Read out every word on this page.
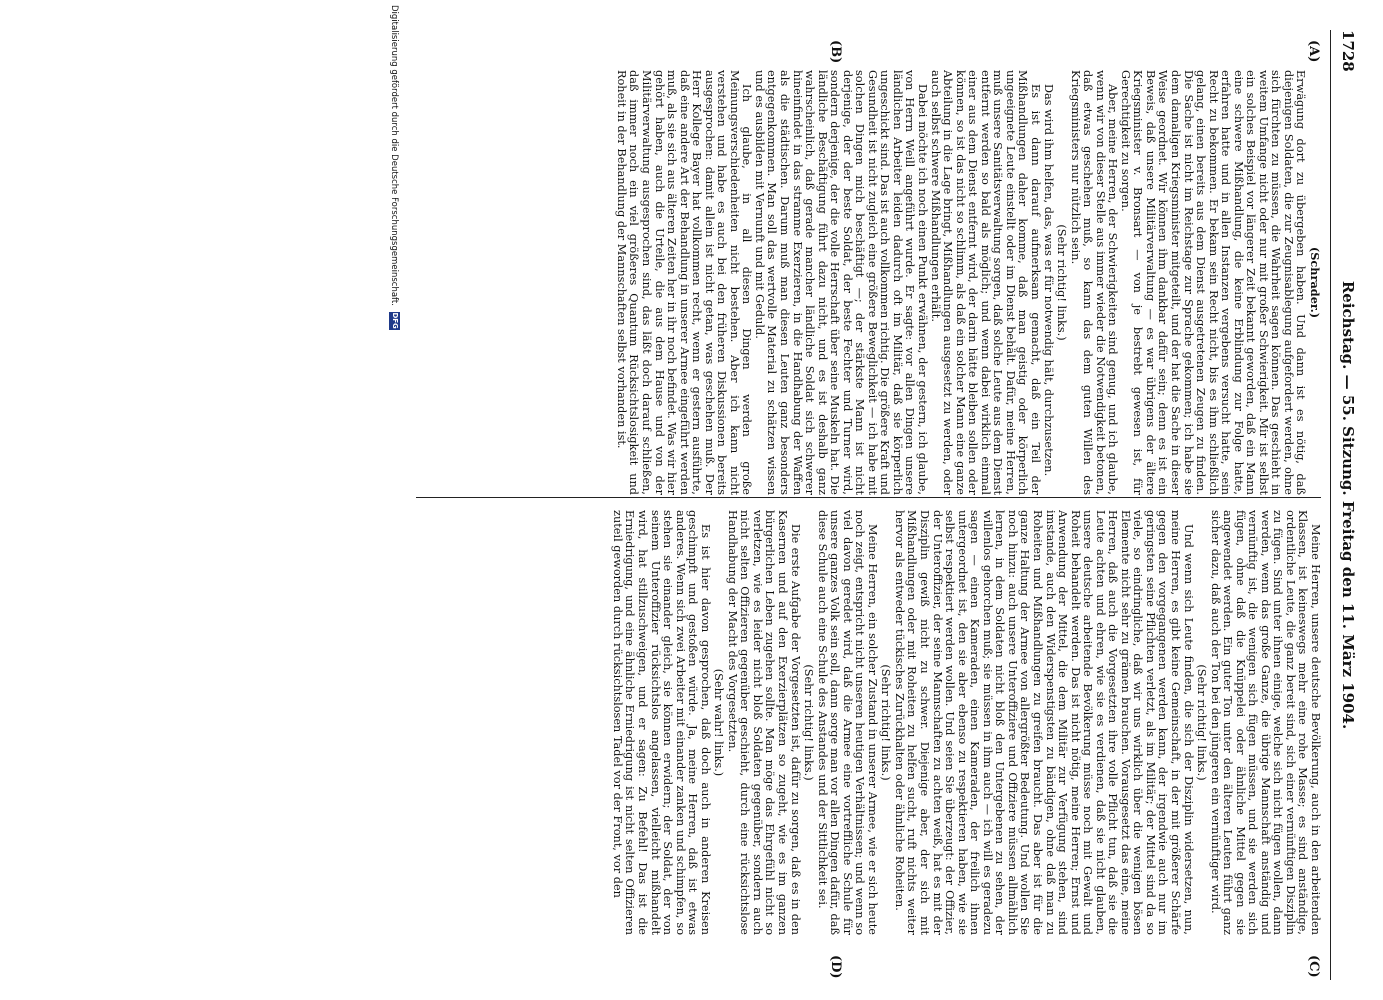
1728
Reichstag. — 55. Sitzung. Freitag den 11. März 1904.
(A)
(B)
(C)
(D)
(Schrader.)

Erwägung dort zu übergeben haben. Und dann ist es nötig, daß diejenigen Soldaten, die zur Zeugnisablegung aufgefordert werden, ohne sich fürchten zu müssen, die Wahrheit sagen können. Das geschieht in weitem Umfange nicht oder nur mit großer Schwierigkeit. Mir ist selbst ein solches Beispiel vor längerer Zeit bekannt geworden, daß ein Mann eine schwere Mißhandlung, die keine Erblindung zur Folge hatte, erfahren hatte und in allen Instanzen vergebens versucht hatte, sein Recht zu bekommen. Er bekam sein Recht nicht, bis es ihm schließlich gelang, einen bereits aus dem Dienst ausgetretenen Zeugen zu finden. Die Sache ist nicht im Reichstage zur Sprache gekommen; ich habe sie dem damaligen Kriegsminister mitgeteilt, und der hat die Sache in dieser Weise geordnet. Wir können ihm dankbar dafür sein; denn es ist ein Beweis, daß unsere Militärverwaltung — es war übrigens der ältere Kriegsminister v. Bronsart — von je bestrebt gewesen ist, für Gerechtigkeit zu sorgen.

Aber, meine Herren, der Schwierigkeiten sind genug, und ich glaube, wenn wir von dieser Stelle aus immer wieder die Notwendigkeit betonen, daß etwas geschehen muß, so kann das dem guten Willen des Kriegsministers nur nützlich sein.

(Sehr richtig! links.)

Das wird ihm helfen, das, was er für notwendig hält, durchzusetzen.

Es ist dann darauf aufmerksam gemacht, daß ein Teil der Mißhandlungen daher komme, daß man geistig oder körperlich ungeeignete Leute einstellt oder im Dienst behält. Dafür, meine Herren, muß unsere Sanitätsverwaltung sorgen, daß solche Leute aus dem Dienst entfernt werden so bald als möglich; und wenn dabei wirklich einmal einer aus dem Dienst entfernt wird, der darin hätte bleiben sollen oder können, so ist das nicht so schlimm, als daß ein solcher Mann eine ganze Abteilung in die Lage bringt, Mißhandlungen ausgesetzt zu werden, oder auch selbst schwere Mißhandlungen erhält.

Dabei möchte ich noch einen Punkt erwähnen, der gestern, ich glaube, von Herrn Weill angeführt wurde. Er sagte: vor allen Dingen unsere ländlichen Arbeiter leiden dadurch oft im Militär, daß sie körperlich ungeschickt sind. Das ist auch vollkommen richtig. Die größere Kraft und Gesundheit ist nicht zugleich eine größere Beweglichkeit — ich habe mit solchen Dingen mich beschäftigt —; der stärkste Mann ist nicht derjenige, der der beste Soldat, der beste Fechter und Turner wird, sondern derjenige, der die volle Herrschaft über seine Muskeln hat. Die ländliche Beschäftigung führt dazu nicht, und es ist deshalb ganz wahrscheinlich, daß gerade mancher ländliche Soldat sich schwerer hineinfindet in das stramme Exerzieren, in die Handhabung der Waffen als die städtischen. Darum muß man diesen Leuten ganz besonders entgegenkommen. Man soll das wertvolle Material zu schätzen wissen und es ausbilden mit Vernunft und mit Geduld.

Ich glaube, in all diesen Dingen werden große Meinungsverschiedenheiten nicht bestehen. Aber ich kann nicht verstehen und habe es auch bei den früheren Diskussionen bereits ausgesprochen: damit allein ist nicht getan, was geschehen muß. Der Herr Kollege Bayer hat vollkommen recht, wenn er gestern ausführte, daß eine andere Art der Behandlung in unserer Armee eingeführt werden muß, als sie sich aus älteren Zeiten her in ihr noch befindet. Was wir hier gehört haben, auch die Urteile, die aus dem Hause und von der Militärverwaltung ausgesprochen sind, das läßt doch darauf schließen, daß immer noch ein viel größeres Quantum Rücksichtslosigkeit und Roheit in der Behandlung der Mannschaften selbst vorhanden ist.

Meine Herren, unsere deutsche Bevölkerung, auch in den arbeitenden Klassen, ist keineswegs mehr eine rohe Masse; es sind anständige, ordentliche Leute, die ganz bereit sind, sich einer vernünftigen Disziplin zu fügen. Sind unter ihnen einige, welche sich nicht fügen wollen, dann werden, wenn das große Ganze, die übrige Mannschaft anständig und vernünftig ist, die wenigen sich fügen müssen, und sie werden sich fügen, ohne daß die Knüppelei oder ähnliche Mittel gegen sie angewendet werden. Ein guter Ton unter den älteren Leuten führt ganz sicher dazu, daß auch der Ton bei den jüngeren ein vernünftiger wird.

(Sehr richtig! links.)

Und wenn sich Leute finden, die sich der Disziplin widersetzen, nun, meine Herren, es gibt keine Gemeinschaft, in der mit größerer Schärfe gegen den vorgegangenen werden kann, der irgendwie auch nur im geringsten seine Pflichten verletzt, als im Militär; der Mittel sind da so viele, so eindringliche, daß wir uns wirklich über die wenigen bösen Elemente nicht sehr zu grämen brauchen. Vorausgesetzt das eine, meine Herren, daß auch die Vorgesetzten ihre volle Pflicht tun, daß sie die Leute achten und ehren, wie sie es verdienen, daß sie nicht glauben, unsere deutsche arbeitende Bevölkerung müsse noch mit Gewalt und Roheit behandelt werden. Das ist nicht nötig, meine Herren; Ernst und Anwendung der Mittel, die dem Militär zur Verfügung stehen, sind imstande, auch den Widerspenstigsten zu bändigen, ohne daß man zu Roheiten und Mißhandlungen zu greifen braucht. Das aber ist für die ganze Haltung der Armee von allergrößter Bedeutung. Und wollen Sie noch hinzu: auch unsere Unteroffiziere und Offiziere müssen allmählich lernen, in dem Soldaten nicht bloß den Untergebenen zu sehen, der willenlos gehorchen muß; sie müssen in ihm auch — ich will es geradezu sagen — einen Kameraden, einen Kameraden, der freilich ihnen untergeordnet ist, den sie aber ebenso zu respektieren haben, wie sie selbst respektiert werden wollen. Und seien Sie überzeugt: der Offizier, der Unteroffizier, der seine Mannschaften zu achten weiß, hat es mit der Disziplin gewiß nicht zu schwer. Diejenige aber, der sich mit Mißhandlungen oder mit Roheiten zu helfen sucht, ruft nichts weiter hervor als entweder tückisches Zurückhalten oder ähnliche Roheiten.

(Sehr richtig! links.)

Meine Herren, ein solcher Zustand in unserer Armee, wie er sich heute noch zeigt, entspricht nicht unseren heutigen Verhältnissen; und wenn so viel davon geredet wird, daß die Armee eine vortreffliche Schule für unsere ganzes Volk sein soll, dann sorge man vor allen Dingen dafür, daß diese Schule auch eine Schule des Anstandes und der Sittlichkeit sei.

(Sehr richtig! links.)

Die erste Aufgabe der Vorgesetzten ist, dafür zu sorgen, daß es in den Kasernen und auf den Exerzierplätzen so zugeht, wie es im ganzen bürgerlichen Leben zugehen sollte. Man möge das Ehrgefühl nicht so verletzen, wie es leider nicht bloß Soldaten gegenüber, sondern auch nicht selten Offizieren gegenüber geschieht, durch eine rücksichtslose Handhabung der Macht des Vorgesetzten.

(Sehr wahr! links.)

Es ist hier davon gesprochen, daß doch auch in anderen Kreisen geschimpft und gestoßen würde. Ja, meine Herren, daß ist etwas anderes. Wenn sich zwei Arbeiter mit einander zanken und schimpfen, so stehen sie einander gleich, sie können erwidern; der Soldat, der von seinem Unteroffizier rücksichtslos angelassen, vielleicht mißhandelt wird, hat stillzuschweigen, und er sagen: Zu Befehl! Das ist die Erniedrigung, und eine ähnliche Erniedrigung ist nicht selten Offizieren zuteil geworden durch rücksichtslosen Tadel vor der Front, vor den

Digitalisierung gefördert durch die Deutsche Forschungsgemeinschaft. DFG
